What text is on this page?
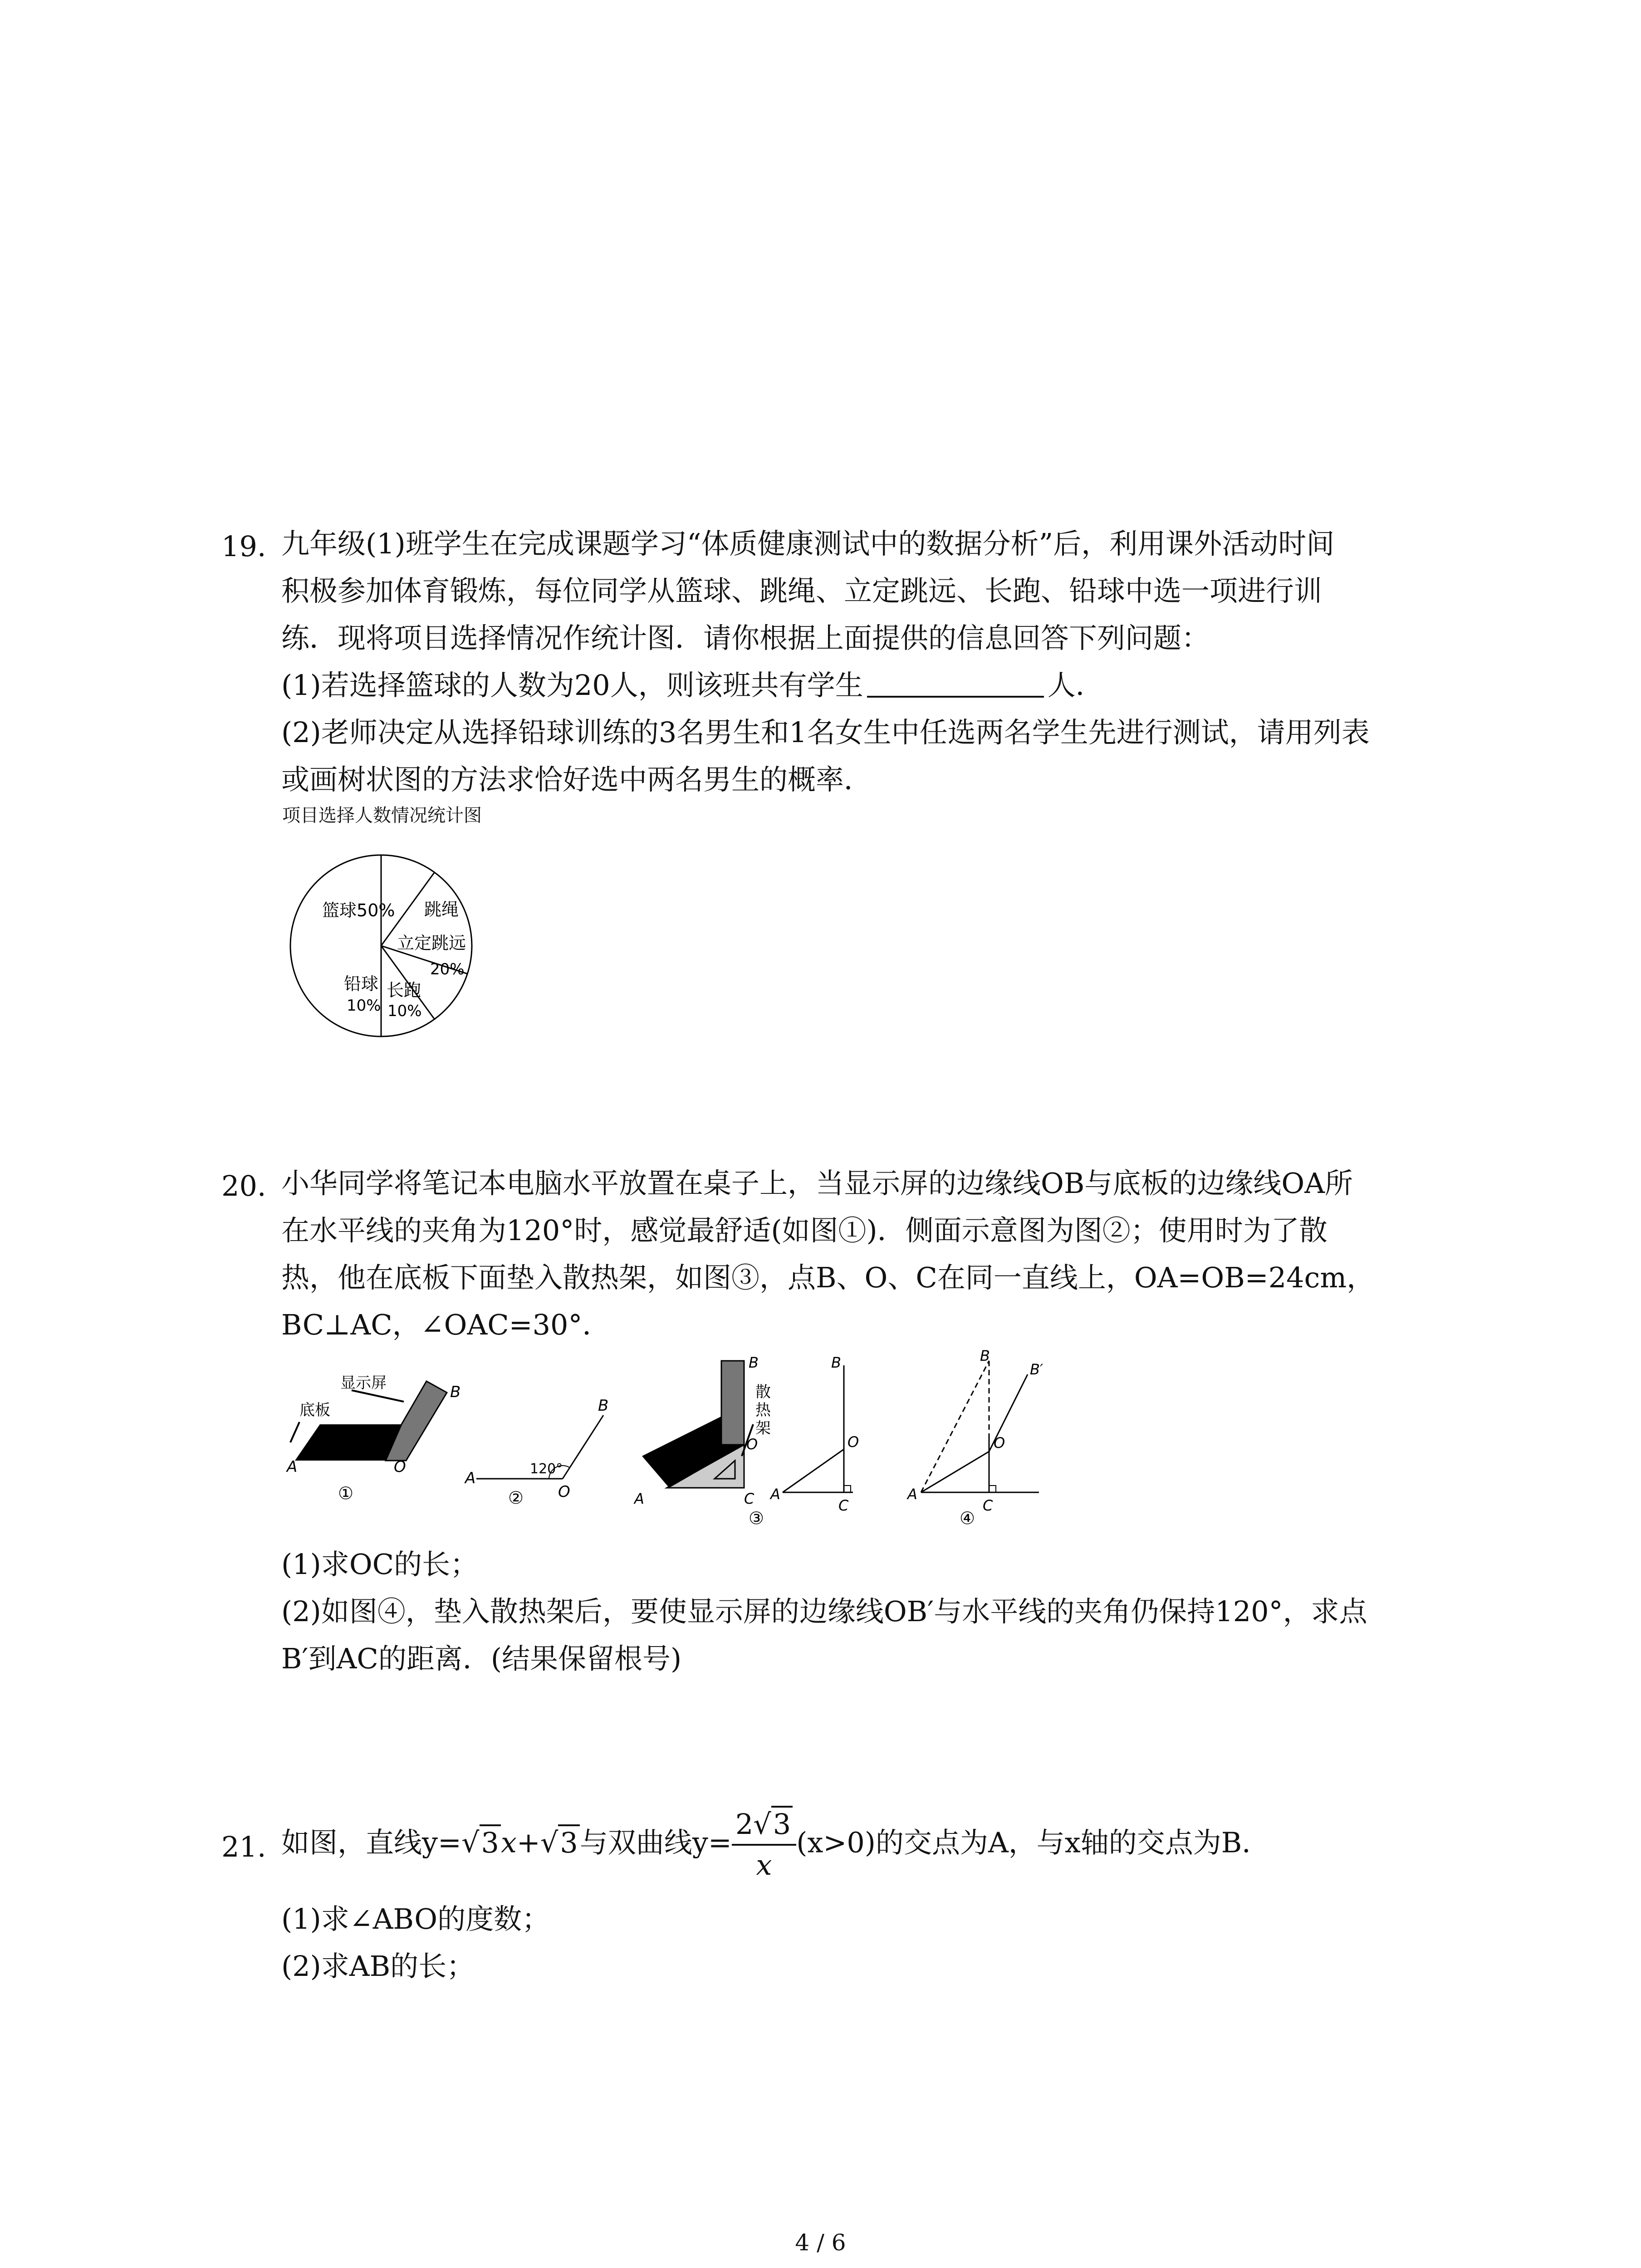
19. 九年级(1)班学生在完成课题学习“体质健康测试中的数据分析”后，利用课外活动时间
积极参加体育锻炼，每位同学从篮球、跳绳、立定跳远、长跑、铅球中选一项进行训
练．现将项目选择情况作统计图．请你根据上面提供的信息回答下列问题：
(1)若选择篮球的人数为20人，则该班共有学生	人．
(2)老师决定从选择铅球训练的3名男生和1名女生中任选两名学生先进行测试，请用列表
或画树状图的方法求恰好选中两名男生的概率．
项目选择人数情况统计图
篮球50% 跳绳
立定跳远
20%
铅球
10%
长跑
10%
20. 小华同学将笔记本电脑水平放置在桌子上，当显示屏的边缘线OB与底板的边缘线OA所
在水平线的夹角为120°时，感觉最舒适(如图①)．侧面示意图为图②；使用时为了散
热，他在底板下面垫入散热架，如图③，点B、O、C在同一直线上，OA=OB=24cm，
BC⊥AC，∠OAC=30°．
显示屏
底板
A	O
B
①
120°
A
O
B
②
散
热
架
B
O
A	C
B
O
A
C
③
B
B′
O
A
C
④
(1)求OC的长；
(2)如图④，垫入散热架后，要使显示屏的边缘线OB′与水平线的夹角仍保持120°，求点
B′到AC的距离．(结果保留根号)
21. 如图，直线y=√3x+√3与双曲线$y= \frac{2√3}{x} (x>0)$的交点为A，与x轴的交点为B．
(1)求∠ABO的度数；
(2)求AB的长；
4 / 6
